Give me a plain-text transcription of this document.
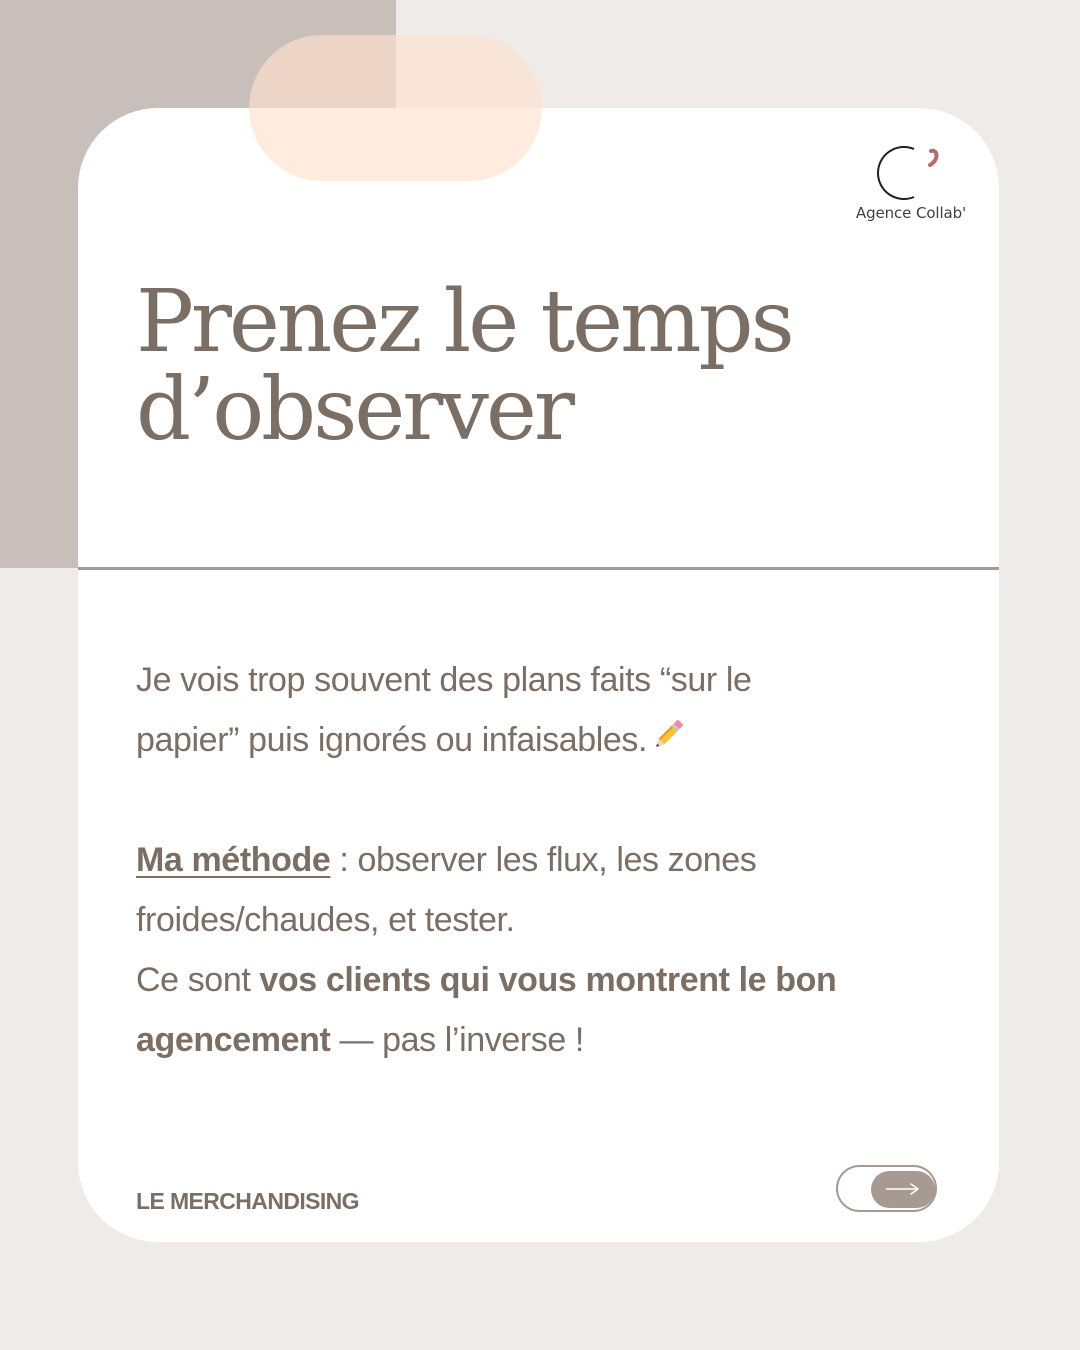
Agence Collab'
Prenez le temps
d’observer

Je vois trop souvent des plans faits “sur le
papier” puis ignorés ou infaisables.

Ma méthode : observer les flux, les zones
froides/chaudes, et tester.
Ce sont vos clients qui vous montrent le bon
agencement — pas l’inverse !

LE MERCHANDISING
